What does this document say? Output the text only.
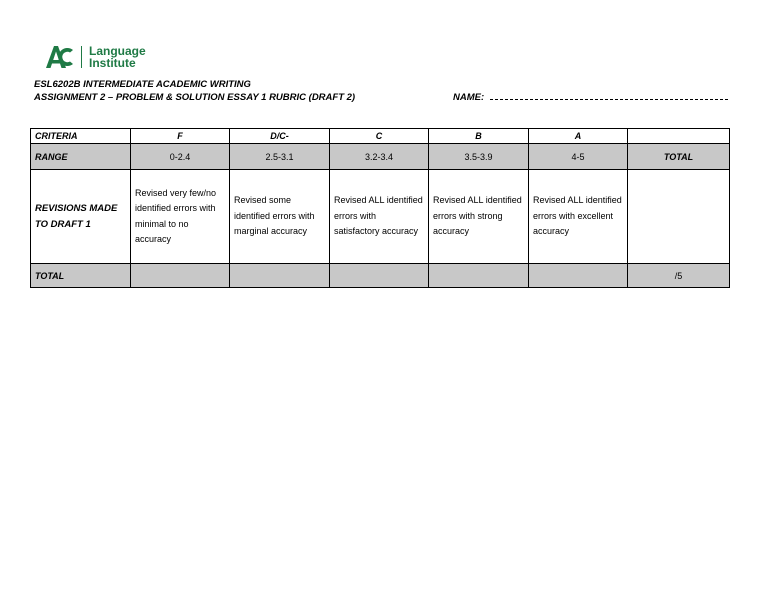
Language
Institute
ESL6202B INTERMEDIATE ACADEMIC WRITING
ASSIGNMENT 2 – PROBLEM & SOLUTION ESSAY 1 RUBRIC (DRAFT 2)	NAME:
CRITERIA	F	D/C-	C	B	A	
RANGE	0-2.4	2.5-3.1	3.2-3.4	3.5-3.9	4-5	TOTAL
REVISIONS MADE TO DRAFT 1	Revised very few/no identified errors with minimal to no accuracy	Revised some identified errors with marginal accuracy	Revised ALL identified errors with satisfactory accuracy	Revised ALL identified errors with strong accuracy	Revised ALL identified errors with excellent accuracy	
TOTAL						/5
